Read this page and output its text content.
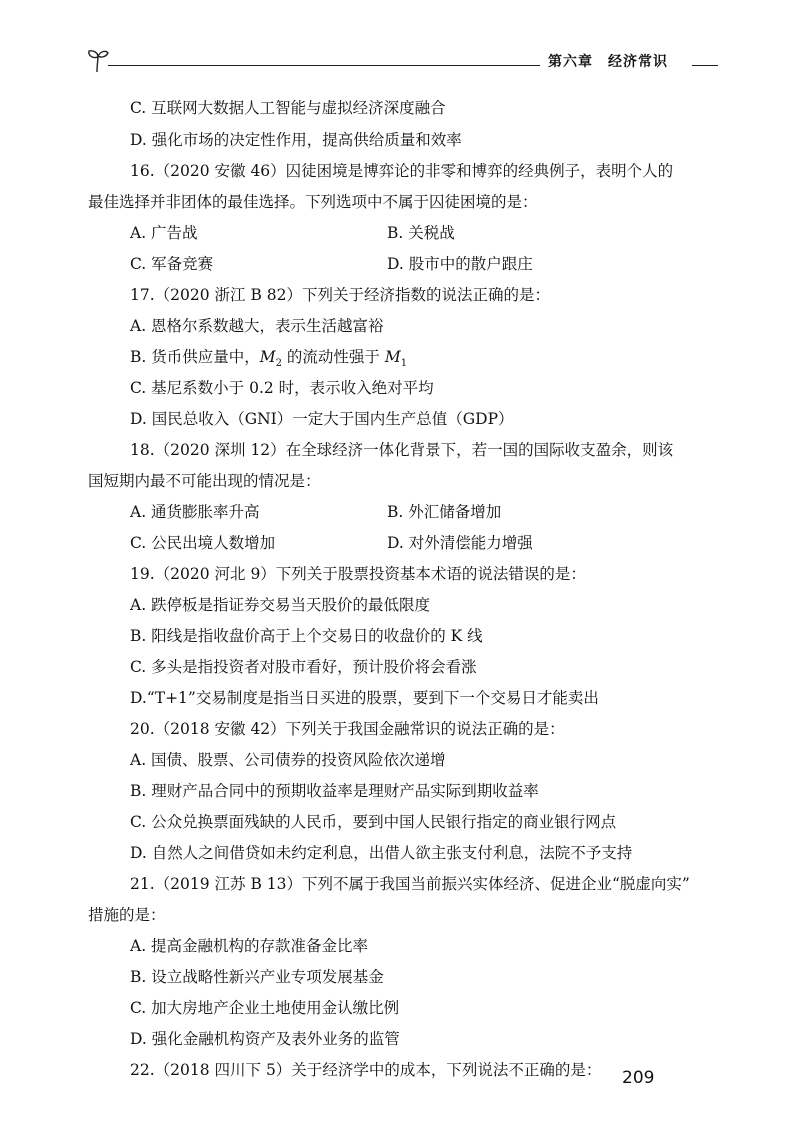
第六章　经济常识
C. 互联网大数据人工智能与虚拟经济深度融合
D. 强化市场的决定性作用，提高供给质量和效率
16.（2020 安徽 46）囚徒困境是博弈论的非零和博弈的经典例子，表明个人的
最佳选择并非团体的最佳选择。下列选项中不属于囚徒困境的是：
A. 广告战	B. 关税战
C. 军备竞赛	D. 股市中的散户跟庄
17.（2020 浙江 B 82）下列关于经济指数的说法正确的是：
A. 恩格尔系数越大，表示生活越富裕
B. 货币供应量中，$M_2$ 的流动性强于 $M_1$
C. 基尼系数小于 0.2 时，表示收入绝对平均
D. 国民总收入（GNI）一定大于国内生产总值（GDP）
18.（2020 深圳 12）在全球经济一体化背景下，若一国的国际收支盈余，则该
国短期内最不可能出现的情况是：
A. 通货膨胀率升高	B. 外汇储备增加
C. 公民出境人数增加	D. 对外清偿能力增强
19.（2020 河北 9）下列关于股票投资基本术语的说法错误的是：
A. 跌停板是指证券交易当天股价的最低限度
B. 阳线是指收盘价高于上个交易日的收盘价的 K 线
C. 多头是指投资者对股市看好，预计股价将会看涨
D.“T+1”交易制度是指当日买进的股票，要到下一个交易日才能卖出
20.（2018 安徽 42）下列关于我国金融常识的说法正确的是：
A. 国债、股票、公司债券的投资风险依次递增
B. 理财产品合同中的预期收益率是理财产品实际到期收益率
C. 公众兑换票面残缺的人民币，要到中国人民银行指定的商业银行网点
D. 自然人之间借贷如未约定利息，出借人欲主张支付利息，法院不予支持
21.（2019 江苏 B 13）下列不属于我国当前振兴实体经济、促进企业“脱虚向实”
措施的是：
A. 提高金融机构的存款准备金比率
B. 设立战略性新兴产业专项发展基金
C. 加大房地产企业土地使用金认缴比例
D. 强化金融机构资产及表外业务的监管
22.（2018 四川下 5）关于经济学中的成本，下列说法不正确的是： 209
